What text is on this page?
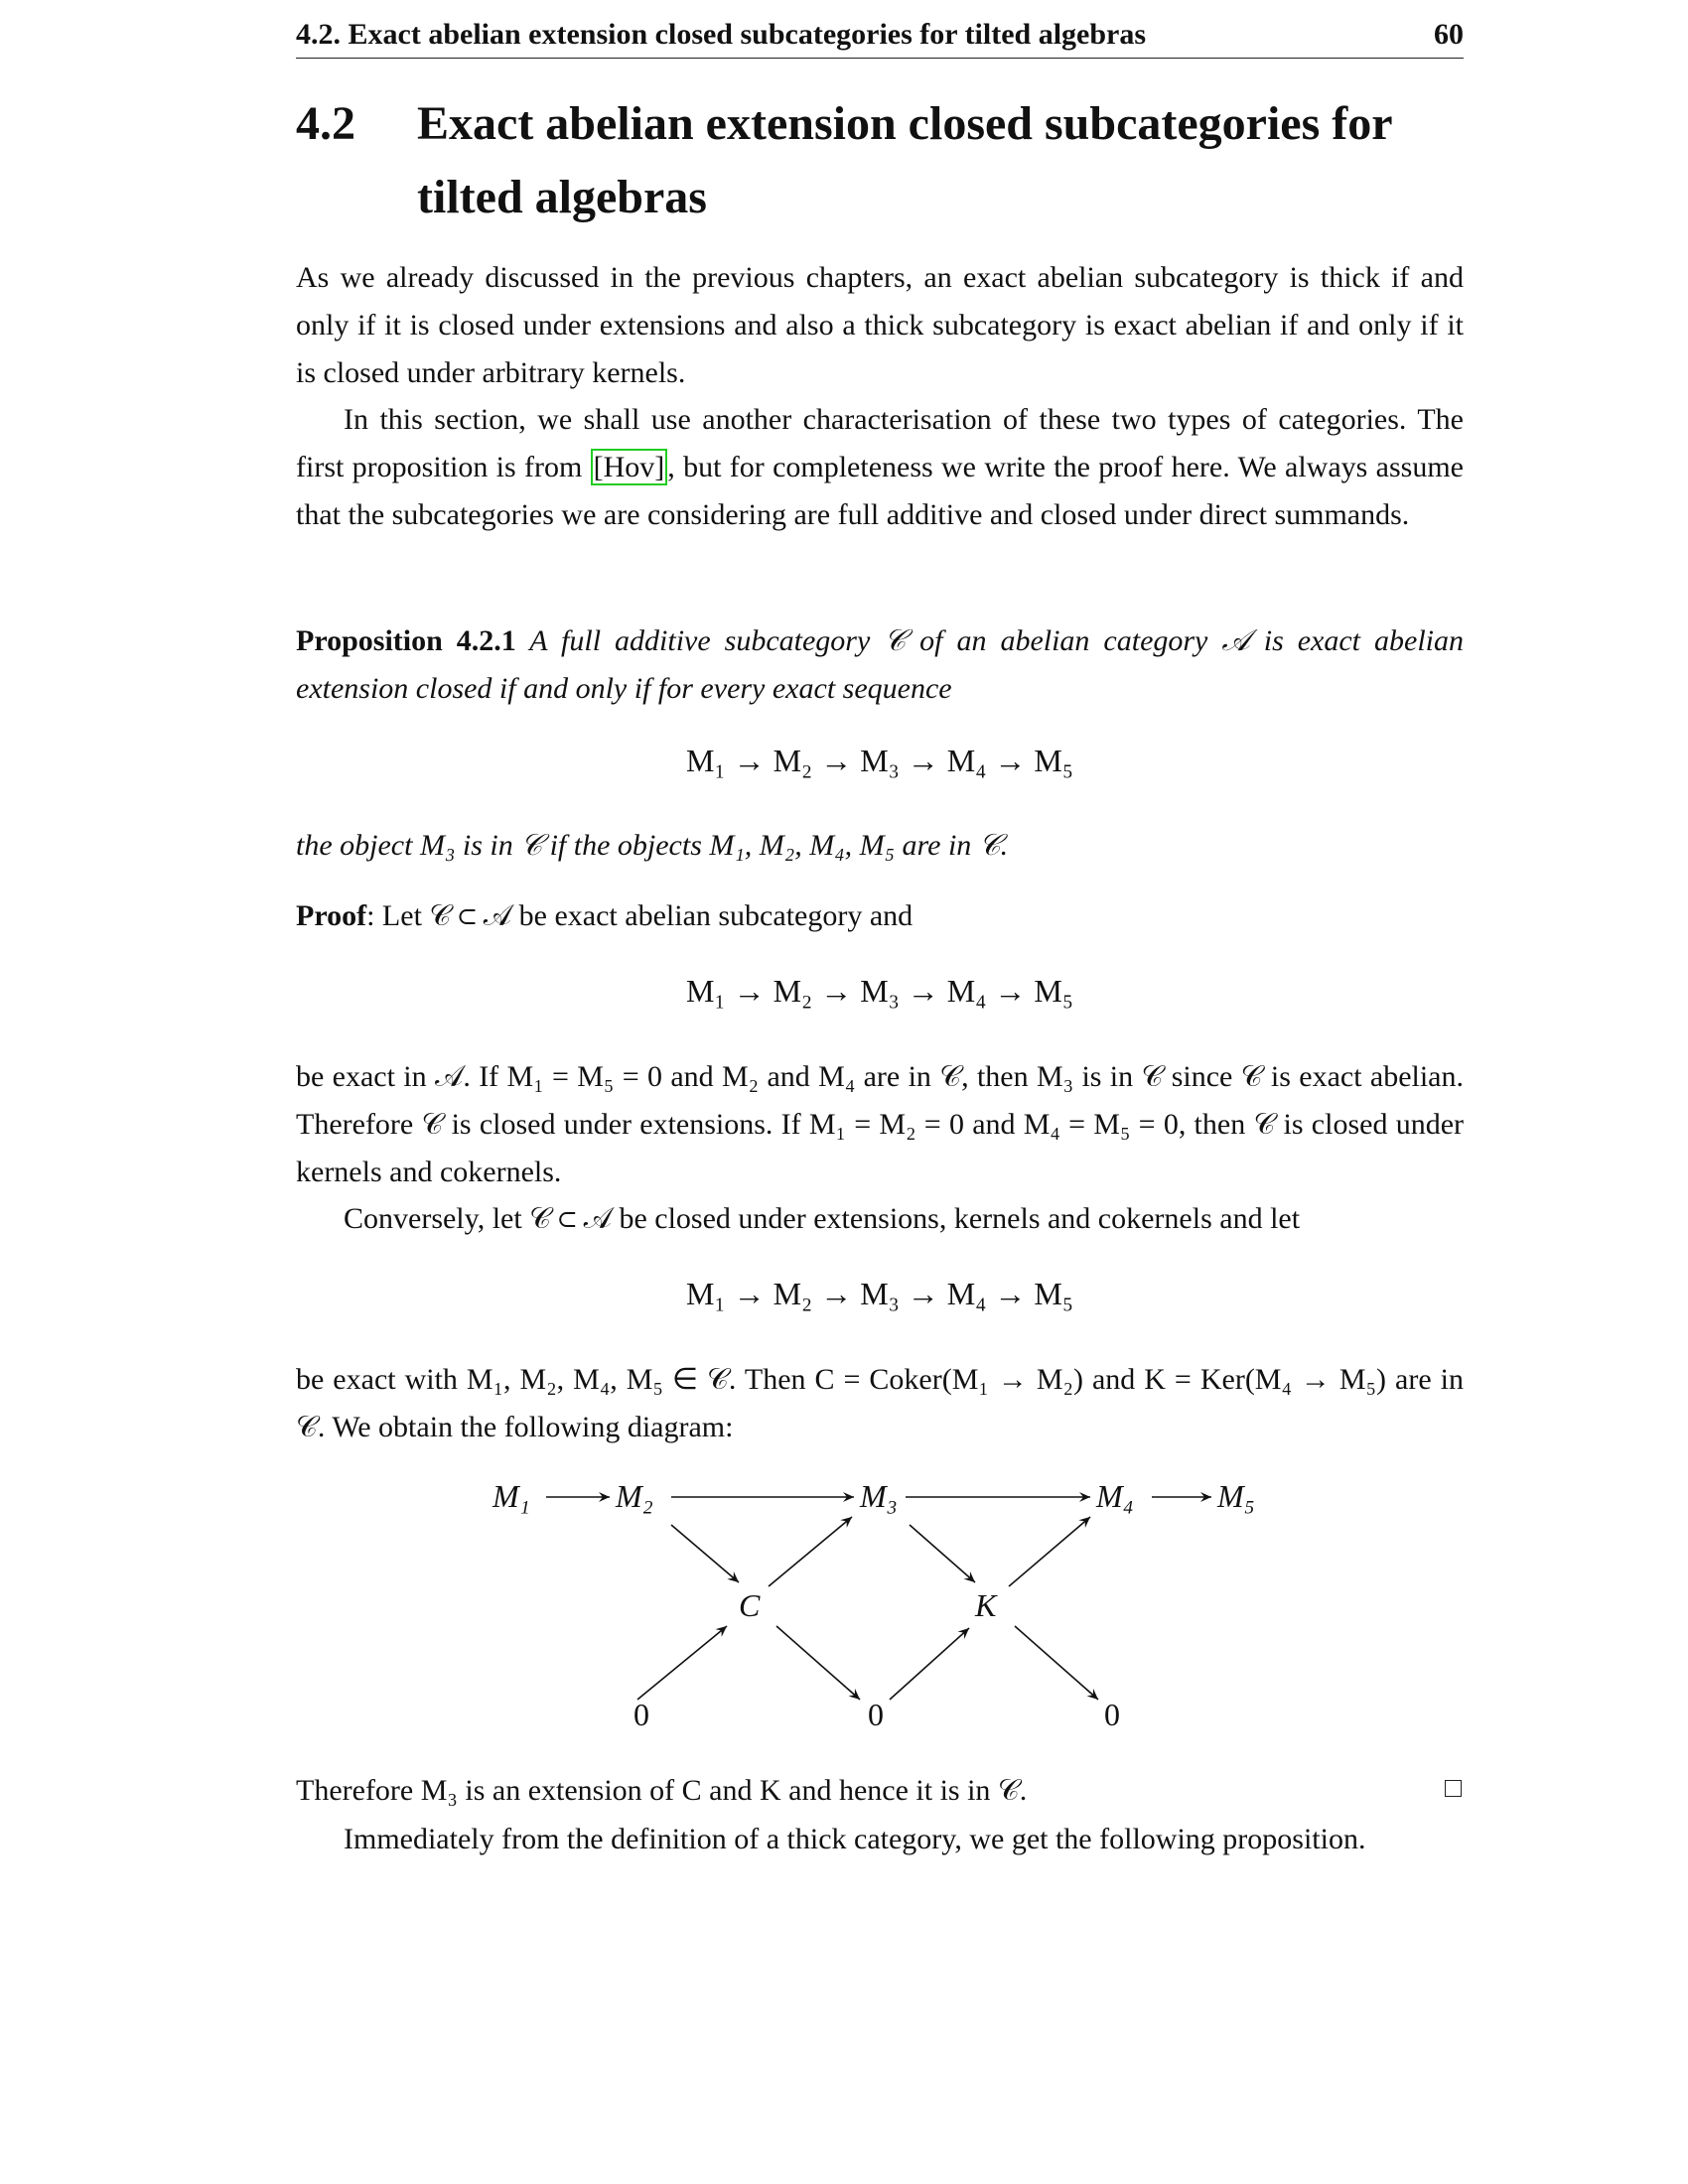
4.2. Exact abelian extension closed subcategories for tilted algebras	60
4.2	Exact abelian extension closed subcategories for tilted algebras

As we already discussed in the previous chapters, an exact abelian subcategory is thick if and only if it is closed under extensions and also a thick subcategory is exact abelian if and only if it is closed under arbitrary kernels.

In this section, we shall use another characterisation of these two types of categories. The first proposition is from [Hov] , but for completeness we write the proof here. We always assume that the subcategories we are considering are full additive and closed under direct summands.

Proposition 4.2.1 A full additive subcategory 𝒞 of an abelian category 𝒜 is exact abelian extension closed if and only if for every exact sequence

M₁ → M₂ → M₃ → M₄ → M₅

the object M₃ is in 𝒞 if the objects M₁, M₂, M₄, M₅ are in 𝒞.

Proof: Let 𝒞 ⊂ 𝒜 be exact abelian subcategory and

M₁ → M₂ → M₃ → M₄ → M₅

be exact in 𝒜. If M₁ = M₅ = 0 and M₂ and M₄ are in 𝒞, then M₃ is in 𝒞 since 𝒞 is exact abelian. Therefore 𝒞 is closed under extensions. If M₁ = M₂ = 0 and M₄ = M₅ = 0, then 𝒞 is closed under kernels and cokernels.

Conversely, let 𝒞 ⊂ 𝒜 be closed under extensions, kernels and cokernels and let

M₁ → M₂ → M₃ → M₄ → M₅

be exact with M₁, M₂, M₄, M₅ ∈ 𝒞. Then C = Coker(M₁ → M₂) and K = Ker(M₄ → M₅) are in 𝒞. We obtain the following diagram:

M₁	M₂	M₃	M₄	M₅
C	K
0	0	0
Therefore M₃ is an extension of C and K and hence it is in 𝒞.

Immediately from the definition of a thick category, we get the following proposition.
